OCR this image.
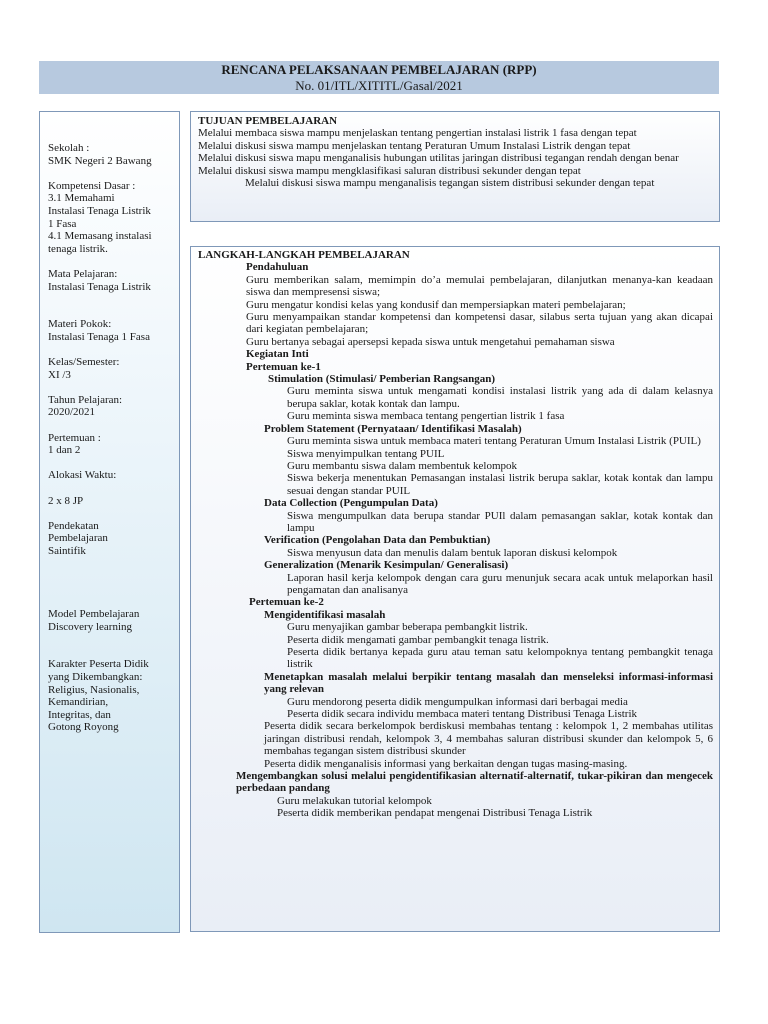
RENCANA PELAKSANAAN PEMBELAJARAN (RPP)
No. 01/ITL/XITITL/Gasal/2021
Sekolah :
SMK Negeri 2 Bawang

Kompetensi Dasar :
3.1 Memahami
Instalasi Tenaga Listrik
1 Fasa
4.1 Memasang instalasi
tenaga listrik.

Mata Pelajaran:
Instalasi Tenaga Listrik

Materi Pokok:
Instalasi Tenaga 1 Fasa

Kelas/Semester:
XI /3

Tahun Pelajaran:
2020/2021

Pertemuan :
1 dan 2

Alokasi Waktu:

2 x 8 JP

Pendekatan
Pembelajaran
Saintifik

Model Pembelajaran
Discovery learning

Karakter Peserta Didik
yang Dikembangkan:
Religius, Nasionalis,
Kemandirian,
Integritas, dan
Gotong Royong
TUJUAN PEMBELAJARAN
Melalui membaca siswa mampu menjelaskan tentang pengertian instalasi listrik 1 fasa dengan tepat
Melalui diskusi siswa mampu menjelaskan tentang Peraturan Umum Instalasi Listrik dengan tepat
Melalui diskusi siswa mapu menganalisis hubungan utilitas jaringan distribusi tegangan rendah dengan benar
Melalui diskusi siswa mampu mengklasifikasi saluran distribusi sekunder dengan tepat
Melalui diskusi siswa mampu menganalisis tegangan sistem distribusi sekunder dengan tepat
LANGKAH-LANGKAH PEMBELAJARAN
Pendahuluan
Guru memberikan salam, memimpin do’a memulai pembelajaran, dilanjutkan menanya-kan keadaan siswa dan mempresensi siswa;
Guru mengatur kondisi kelas yang kondusif dan mempersiapkan materi pembelajaran;
Guru menyampaikan standar kompetensi dan kompetensi dasar, silabus serta tujuan yang akan dicapai dari kegiatan pembelajaran;
Guru bertanya sebagai apersepsi kepada siswa untuk mengetahui pemahaman siswa
Kegiatan Inti
Pertemuan ke-1
Stimulation (Stimulasi/ Pemberian Rangsangan)
Guru meminta siswa untuk mengamati kondisi instalasi listrik yang ada di dalam kelasnya berupa saklar, kotak kontak dan lampu.
Guru meminta siswa membaca tentang pengertian listrik 1 fasa
Problem Statement (Pernyataan/ Identifikasi Masalah)
Guru meminta siswa untuk membaca materi tentang Peraturan Umum Instalasi Listrik (PUIL)
Siswa menyimpulkan tentang PUIL
Guru membantu siswa dalam membentuk kelompok
Siswa bekerja menentukan Pemasangan instalasi listrik berupa saklar, kotak kontak dan lampu sesuai dengan standar PUIL
Data Collection (Pengumpulan Data)
Siswa mengumpulkan data berupa standar PUIl dalam pemasangan saklar, kotak kontak dan lampu
Verification (Pengolahan Data dan Pembuktian)
Siswa menyusun data dan menulis dalam bentuk laporan diskusi kelompok
Generalization (Menarik Kesimpulan/ Generalisasi)
Laporan hasil kerja kelompok dengan cara guru menunjuk secara acak untuk melaporkan hasil pengamatan dan analisanya
Pertemuan ke-2
Mengidentifikasi masalah
Guru menyajikan gambar beberapa pembangkit listrik.
Peserta didik mengamati gambar pembangkit tenaga listrik.
Peserta didik bertanya kepada guru atau teman satu kelompoknya tentang pembangkit tenaga listrik
Menetapkan masalah melalui berpikir tentang masalah dan menseleksi informasi-informasi yang relevan
Guru mendorong peserta didik mengumpulkan informasi dari berbagai media
Peserta didik secara individu membaca materi tentang Distribusi Tenaga Listrik
Peserta didik secara berkelompok berdiskusi membahas tentang : kelompok 1, 2 membahas utilitas jaringan distribusi rendah, kelompok 3, 4 membahas saluran distribusi skunder dan kelompok 5, 6 membahas tegangan sistem distribusi skunder
Peserta didik menganalisis informasi yang berkaitan dengan tugas masing-masing.
Mengembangkan solusi melalui pengidentifikasian alternatif-alternatif, tukar-pikiran dan mengecek perbedaan pandang
Guru melakukan tutorial kelompok
Peserta didik memberikan pendapat mengenai Distribusi Tenaga Listrik
